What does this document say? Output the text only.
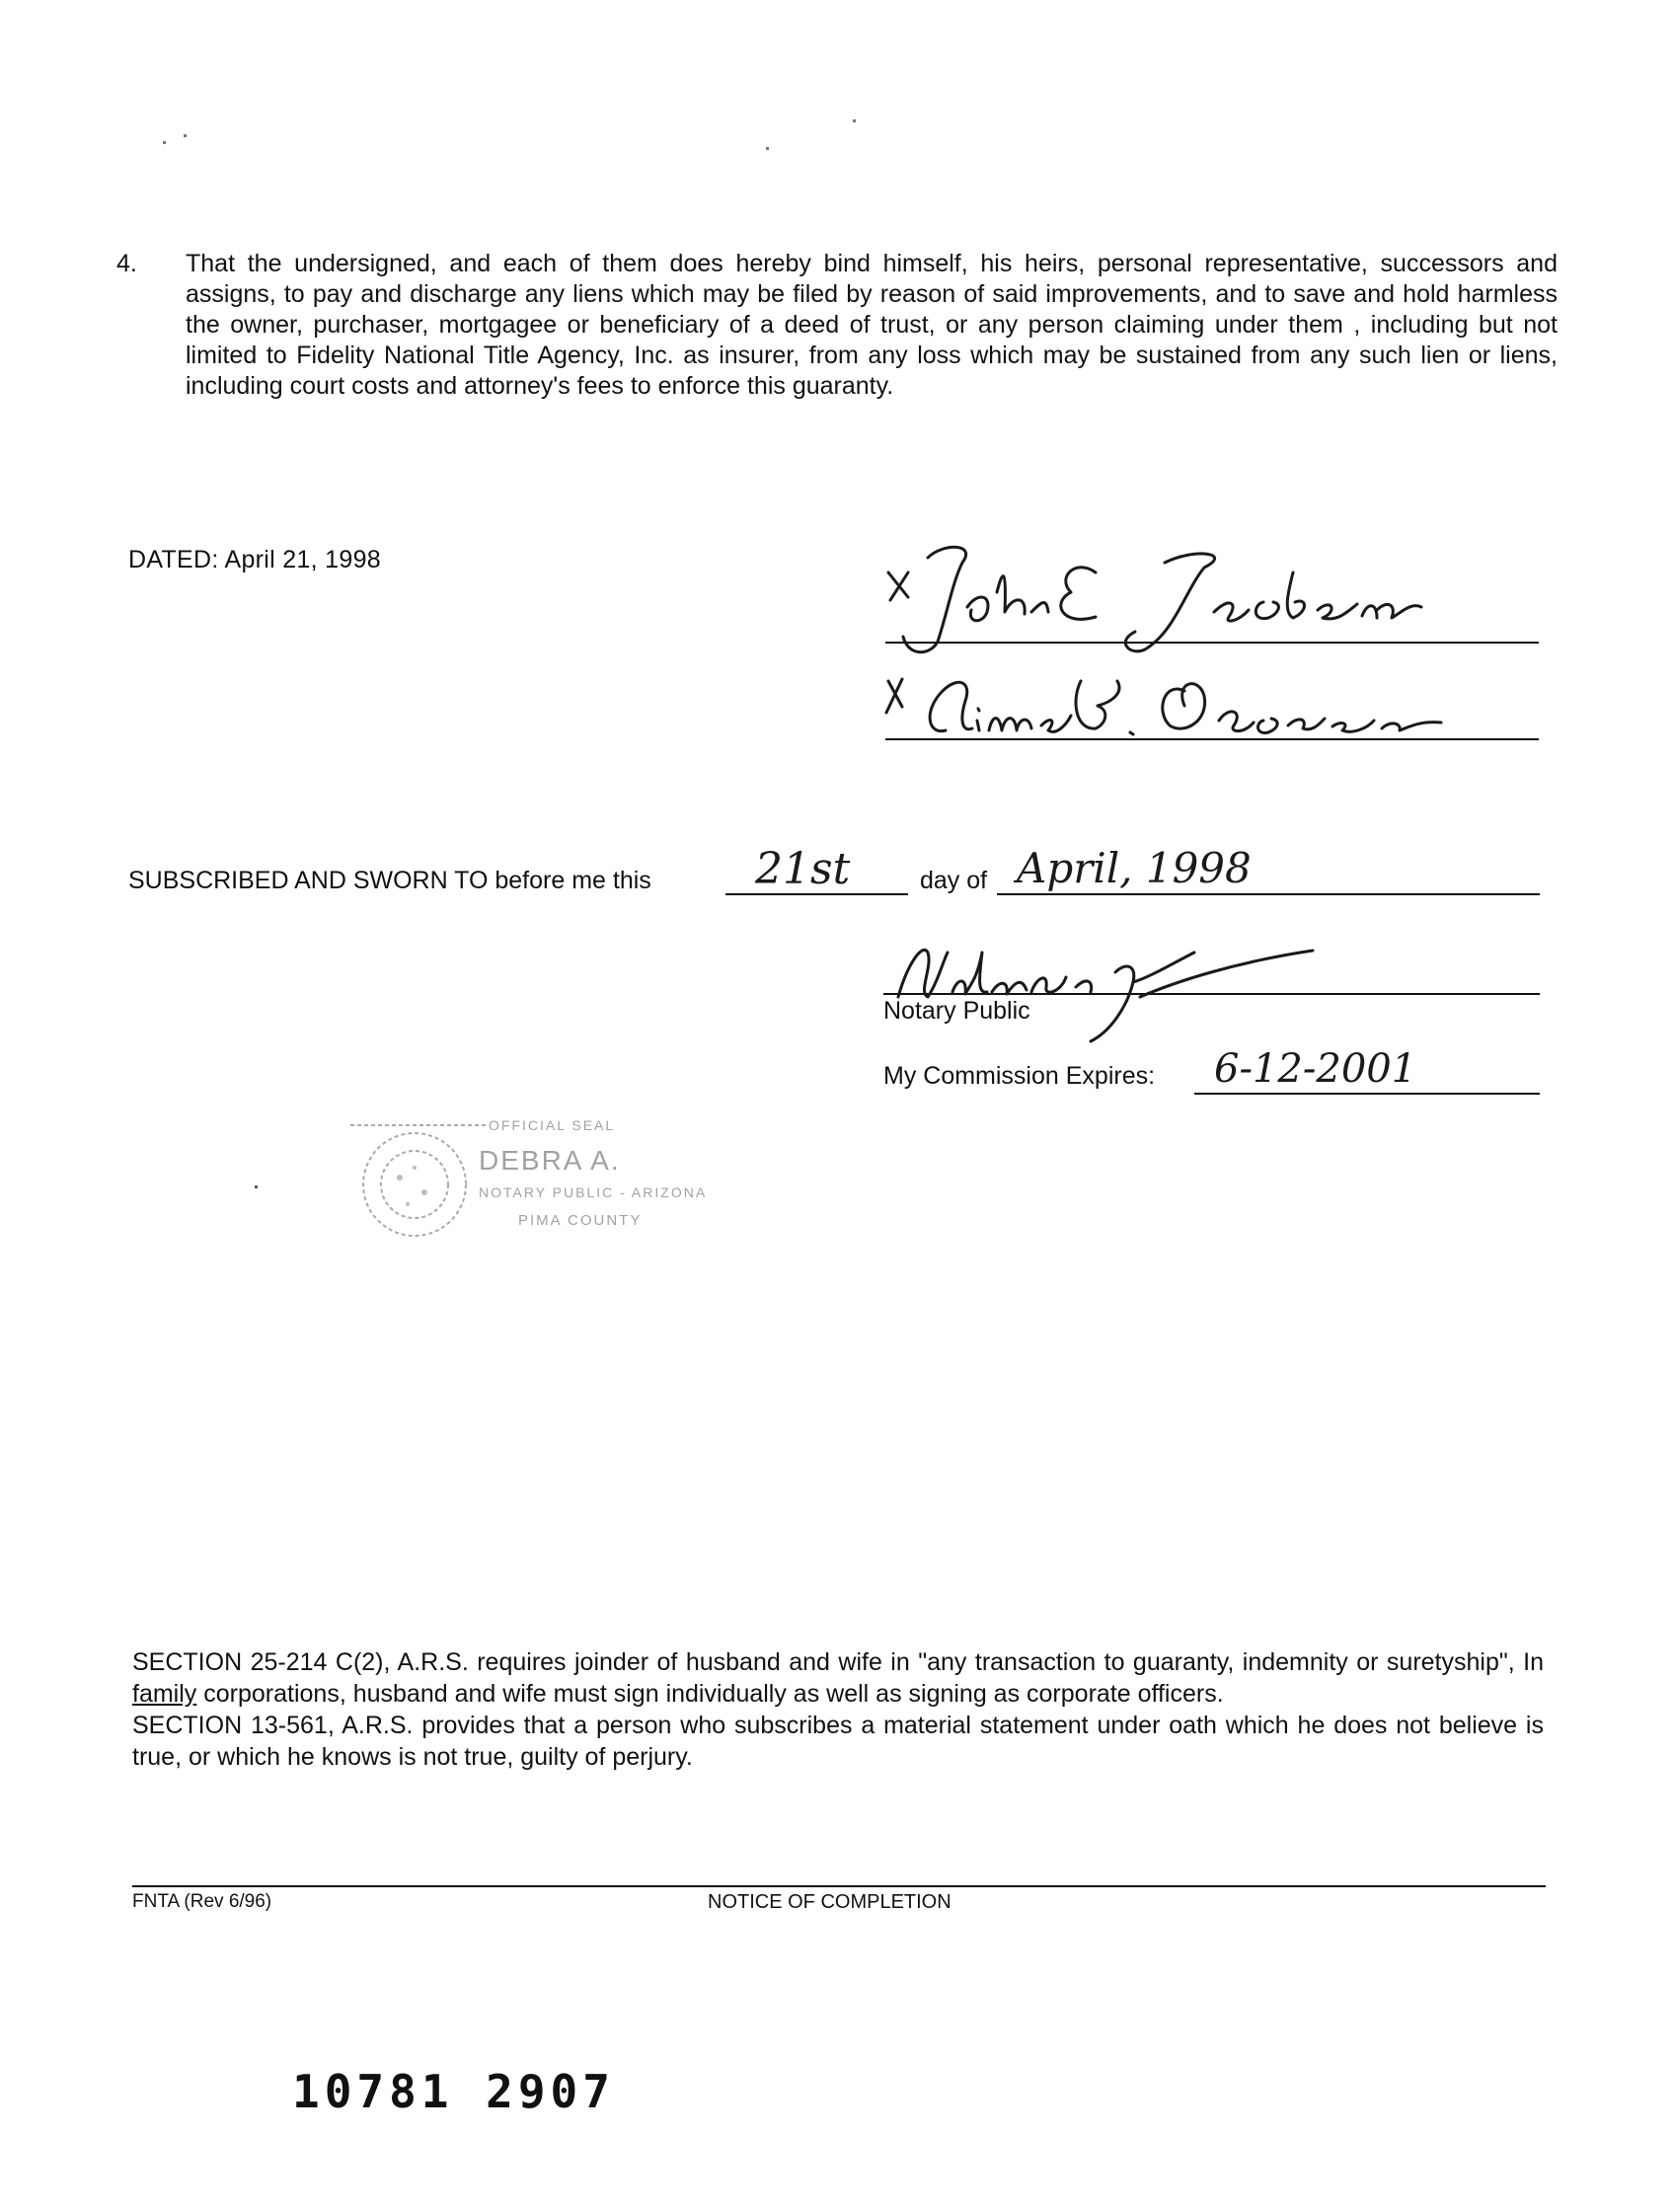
4. That the undersigned, and each of them does hereby bind himself, his heirs, personal representative, successors and assigns, to pay and discharge any liens which may be filed by reason of said improvements, and to save and hold harmless the owner, purchaser, mortgagee or beneficiary of a deed of trust, or any person claiming under them , including but not limited to Fidelity National Title Agency, Inc. as insurer, from any loss which may be sustained from any such lien or liens, including court costs and attorney's fees to enforce this guaranty.
DATED: April 21, 1998
SUBSCRIBED AND SWORN TO before me this 21st	day of April, 1998
Notary Public
My Commission Expires: 6-12-2001
OFFICIAL SEAL
DEBRA A.
NOTARY PUBLIC - ARIZONA
PIMA COUNTY

SECTION 25-214 C(2), A.R.S. requires joinder of husband and wife in "any transaction to guaranty, indemnity or suretyship", In family corporations, husband and wife must sign individually as well as signing as corporate officers.

SECTION 13-561, A.R.S. provides that a person who subscribes a material statement under oath which he does not believe is true, or which he knows is not true, guilty of perjury.

FNTA (Rev 6/96)	NOTICE OF COMPLETION
10781 2907
